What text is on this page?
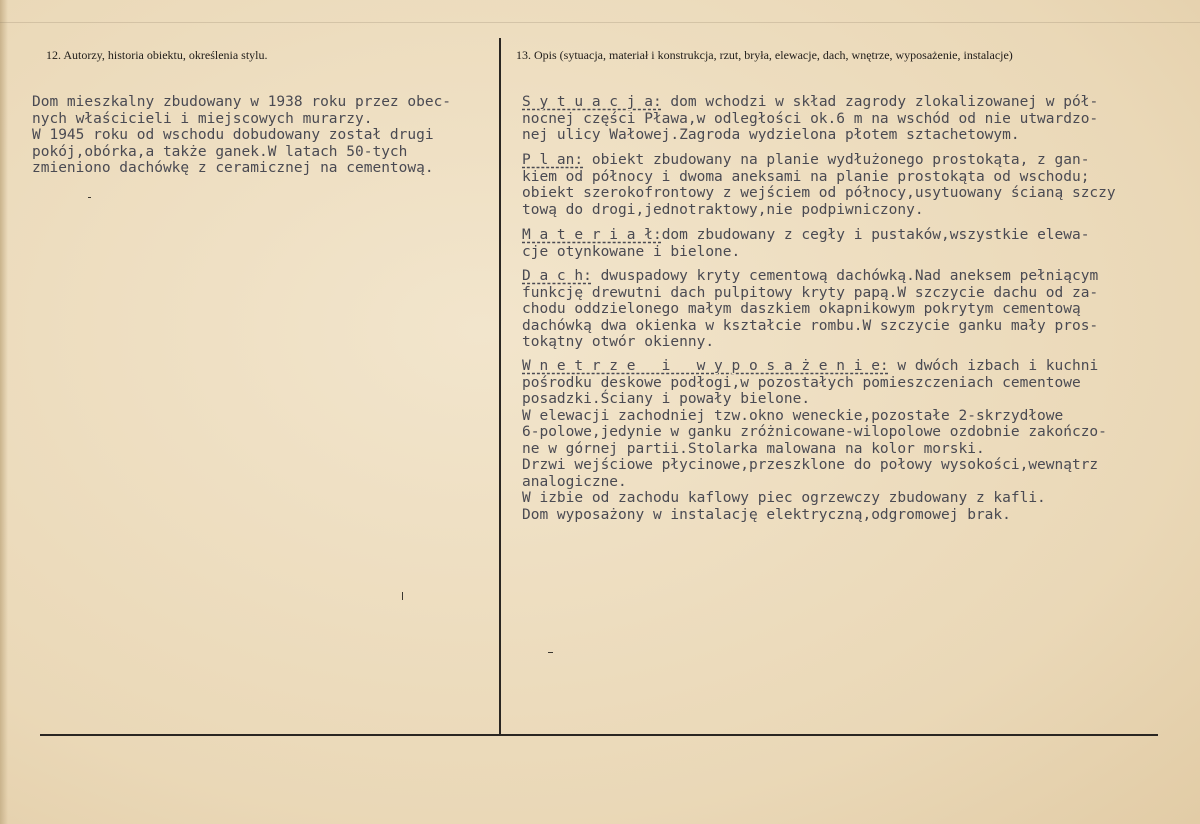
12. Autorzy, historia obiektu, określenia stylu.	13. Opis (sytuacja, materiał i konstrukcja, rzut, bryła, elewacje, dach, wnętrze, wyposażenie, instalacje)
Dom mieszkalny zbudowany w 1938 roku przez obec-
nych właścicieli i miejscowych murarzy.
W 1945 roku od wschodu dobudowany został drugi
pokój,obórka,a także ganek.W latach 50-tych
zmieniono dachówkę z ceramicznej na cementową.
S y t u a c j a: dom wchodzi w skład zagrody zlokalizowanej w pół-
nocnej części Pława,w odległości ok.6 m na wschód od nie utwardzo-
nej ulicy Wałowej.Zagroda wydzielona płotem sztachetowym.
P l an: obiekt zbudowany na planie wydłużonego prostokąta, z gan-
kiem od północy i dwoma aneksami na planie prostokąta od wschodu;
obiekt szerokofrontowy z wejściem od północy,usytuowany ścianą szczy
tową do drogi,jednotraktowy,nie podpiwniczony.
M a t e r i a ł:dom zbudowany z cegły i pustaków,wszystkie elewa-
cje otynkowane i bielone.
D a c h: dwuspadowy kryty cementową dachówką.Nad aneksem pełniącym
funkcję drewutni dach pulpitowy kryty papą.W szczycie dachu od za-
chodu oddzielonego małym daszkiem okapnikowym pokrytym cementową
dachówką dwa okienka w kształcie rombu.W szczycie ganku mały pros-
tokątny otwór okienny.
W n e t r z e   i   w y p o s a ż e n i e: w dwóch izbach i kuchni
pośrodku deskowe podłogi,w pozostałych pomieszczeniach cementowe
posadzki.Ściany i powały bielone.
W elewacji zachodniej tzw.okno weneckie,pozostałe 2-skrzydłowe
6-polowe,jedynie w ganku zróżnicowane-wilopolowe ozdobnie zakończo-
ne w górnej partii.Stolarka malowana na kolor morski.
Drzwi wejściowe płycinowe,przeszklone do połowy wysokości,wewnątrz
analogiczne.
W izbie od zachodu kaflowy piec ogrzewczy zbudowany z kafli.
Dom wyposażony w instalację elektryczną,odgromowej brak.
